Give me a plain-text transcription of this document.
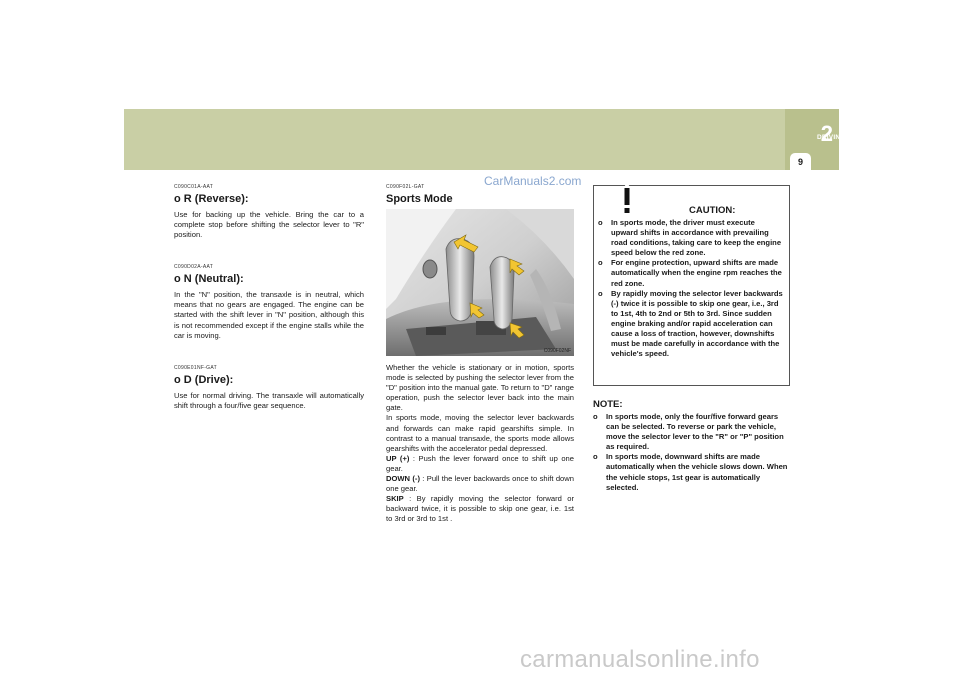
2
DRIVING YOUR HYUNDAI
9
CarManuals2.com
C090C01A-AAT
o R (Reverse):
Use for backing up the vehicle. Bring the car to a complete stop before shifting the selector lever to "R" position.
C090D02A-AAT
o N (Neutral):
In the "N" position, the transaxle is in neutral, which means that no gears are engaged. The engine can be started with the shift lever in "N" position, although this is not recommended except if the engine stalls while the car is moving.
C090E01NF-GAT
o D (Drive):
Use for normal driving. The transaxle will automatically shift through a four/five gear sequence.
C090F02L-GAT
Sports Mode
C090F02NF
Whether the vehicle is stationary or in motion, sports mode is selected by pushing the selector lever from the "D" position into the manual gate. To return to "D" range operation, push the selector lever back into the main gate.
In sports mode, moving the selector lever backwards and forwards can make rapid gearshifts simple. In contrast to a manual transaxle, the sports mode allows gearshifts with the accelerator pedal depressed.
UP (+) : Push the lever forward once to shift up one gear.
DOWN (-) : Pull the lever backwards once to shift down one gear.
SKIP : By rapidly moving the selector forward or backward twice, it is possible to skip one gear, i.e. 1st to 3rd or 3rd to 1st .
CAUTION:
o	In sports mode, the driver must execute upward shifts in accordance with prevailing road conditions, taking care to keep the engine speed below the red zone.
o	For engine protection, upward shifts are made automatically when the engine rpm reaches the red zone.
o	By rapidly moving the selector lever backwards (-) twice it is possible to skip one gear, i.e., 3rd to 1st, 4th to 2nd or 5th to 3rd. Since sudden engine braking and/or rapid acceleration can cause a loss of traction, however, downshifts must be made carefully in accordance with the vehicle's speed.
NOTE:
o	In sports mode, only the four/five forward gears can be selected. To reverse or park the vehicle, move the selector lever to the "R" or "P" position as required.
o	In sports mode, downward shifts are made automatically when the vehicle slows down. When the vehicle stops, 1st gear is automatically selected.
carmanualsonline.info
